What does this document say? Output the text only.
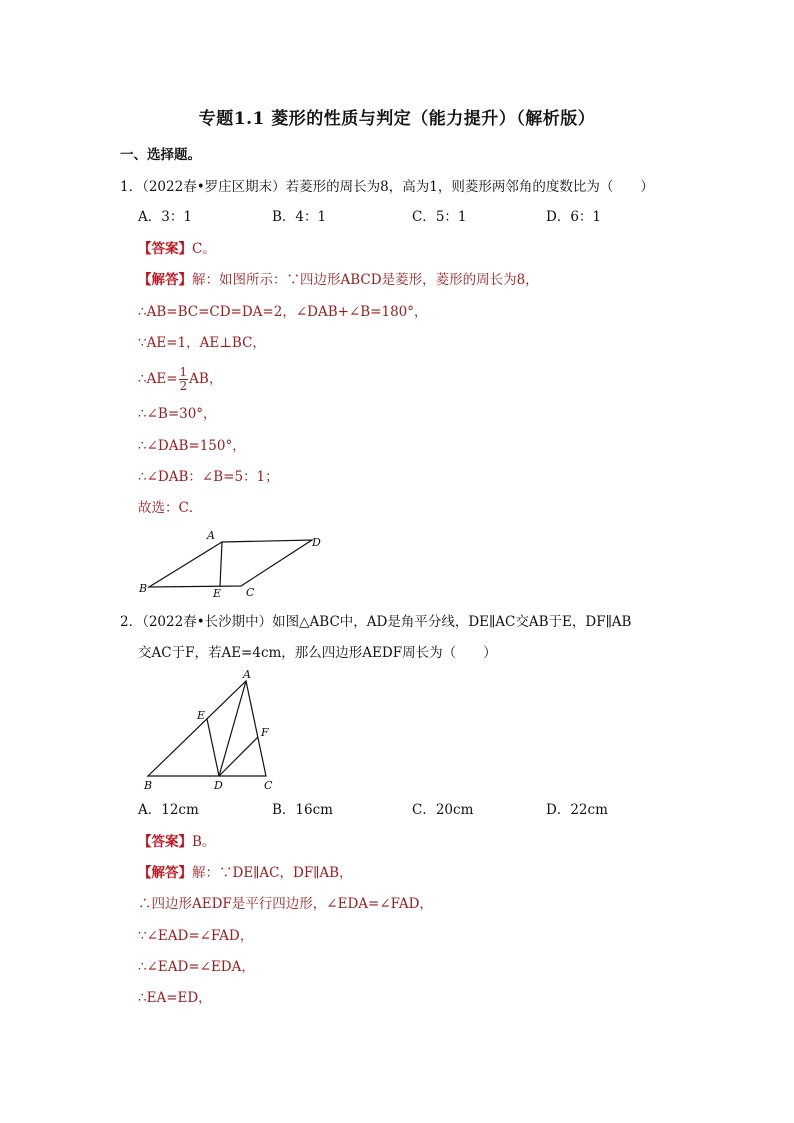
专题1.1 菱形的性质与判定（能力提升）（解析版）
一、选择题。
1．（2022春•罗庄区期末）若菱形的周长为8，高为1，则菱形两邻角的度数比为（　　）
A．3：1	B．4：1	C．5：1	D．6：1
【答案】C。
【解答】解：如图所示：∵四边形ABCD是菱形，菱形的周长为8，
∴AB=BC=CD=DA=2，∠DAB+∠B=180°，
∵AE=1，AE⊥BC，
∴AE= $\frac{1}{2}$ AB，
∴∠B=30°，
∴∠DAB=150°，
∴∠DAB：∠B=5：1；
故选：C．
A
B	C
D
E
2．（2022春•长沙期中）如图△ABC中，AD是角平分线，DE∥AC交AB于E，DF∥AB
交AC于F，若AE=4cm，那么四边形AEDF周长为（　　）
A
B	C
D
E
F
A．12cm	B．16cm	C．20cm	D．22cm
【答案】B。
【解答】解：∵DE∥AC，DF∥AB，
∴四边形AEDF是平行四边形，∠EDA=∠FAD，
∵∠EAD=∠FAD，
∴∠EAD=∠EDA，
∴EA=ED，
